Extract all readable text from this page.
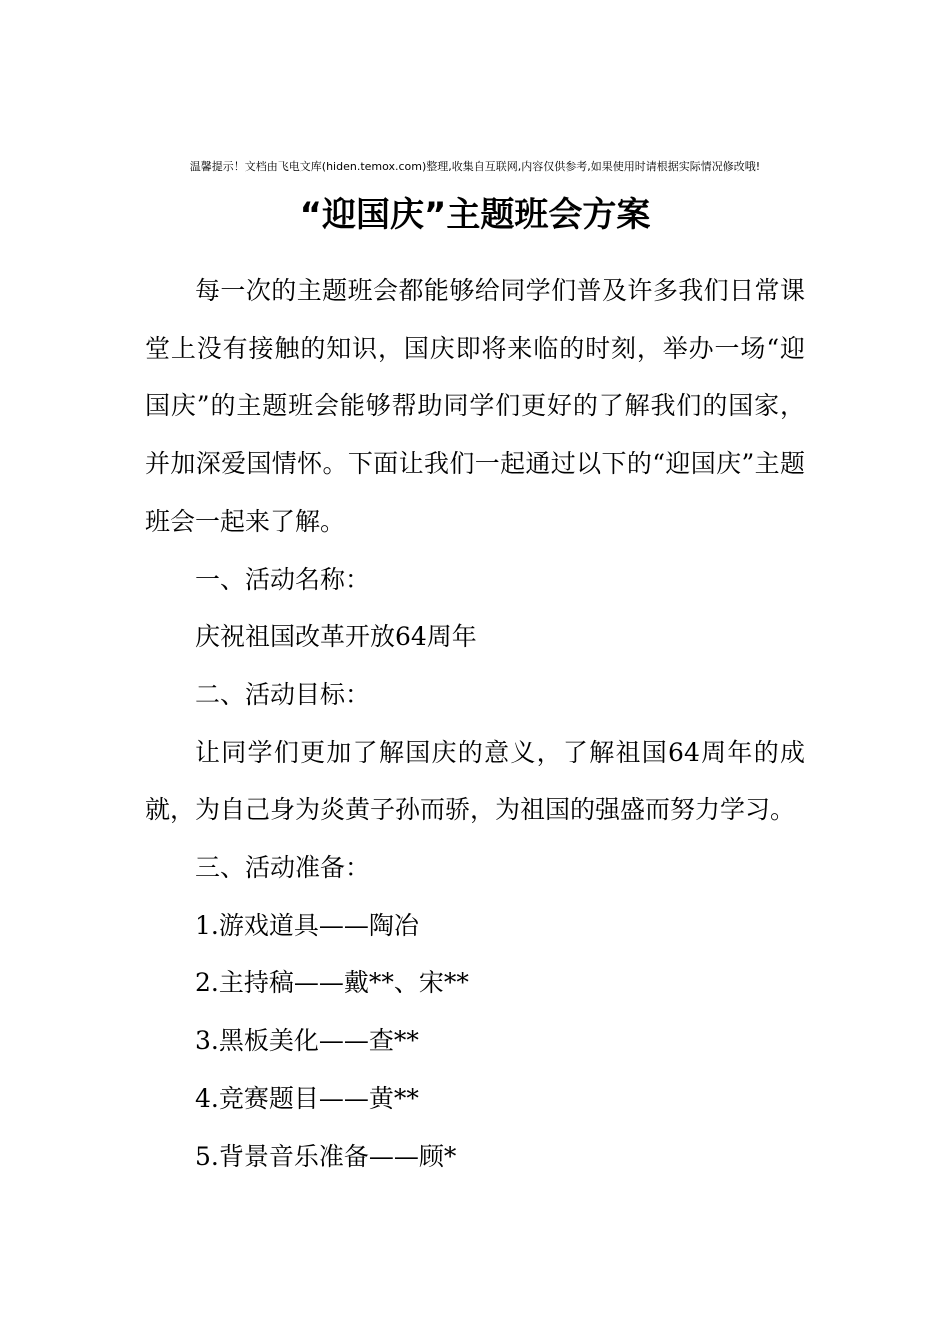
温馨提示！文档由飞电文库(hiden.temox.com)整理,收集自互联网,内容仅供参考,如果使用时请根据实际情况修改哦!
“迎国庆”主题班会方案

每一次的主题班会都能够给同学们普及许多我们日常课堂上没有接触的知识，国庆即将来临的时刻，举办一场“迎国庆”的主题班会能够帮助同学们更好的了解我们的国家，并加深爱国情怀。下面让我们一起通过以下的“迎国庆”主题班会一起来了解。

一、活动名称：

庆祝祖国改革开放64周年

二、活动目标：

让同学们更加了解国庆的意义，了解祖国64周年的成就，为自己身为炎黄子孙而骄，为祖国的强盛而努力学习。

三、活动准备：

1.游戏道具——陶冶

2.主持稿——戴**、宋**

3.黑板美化——查**

4.竞赛题目——黄**

5.背景音乐准备——顾*
